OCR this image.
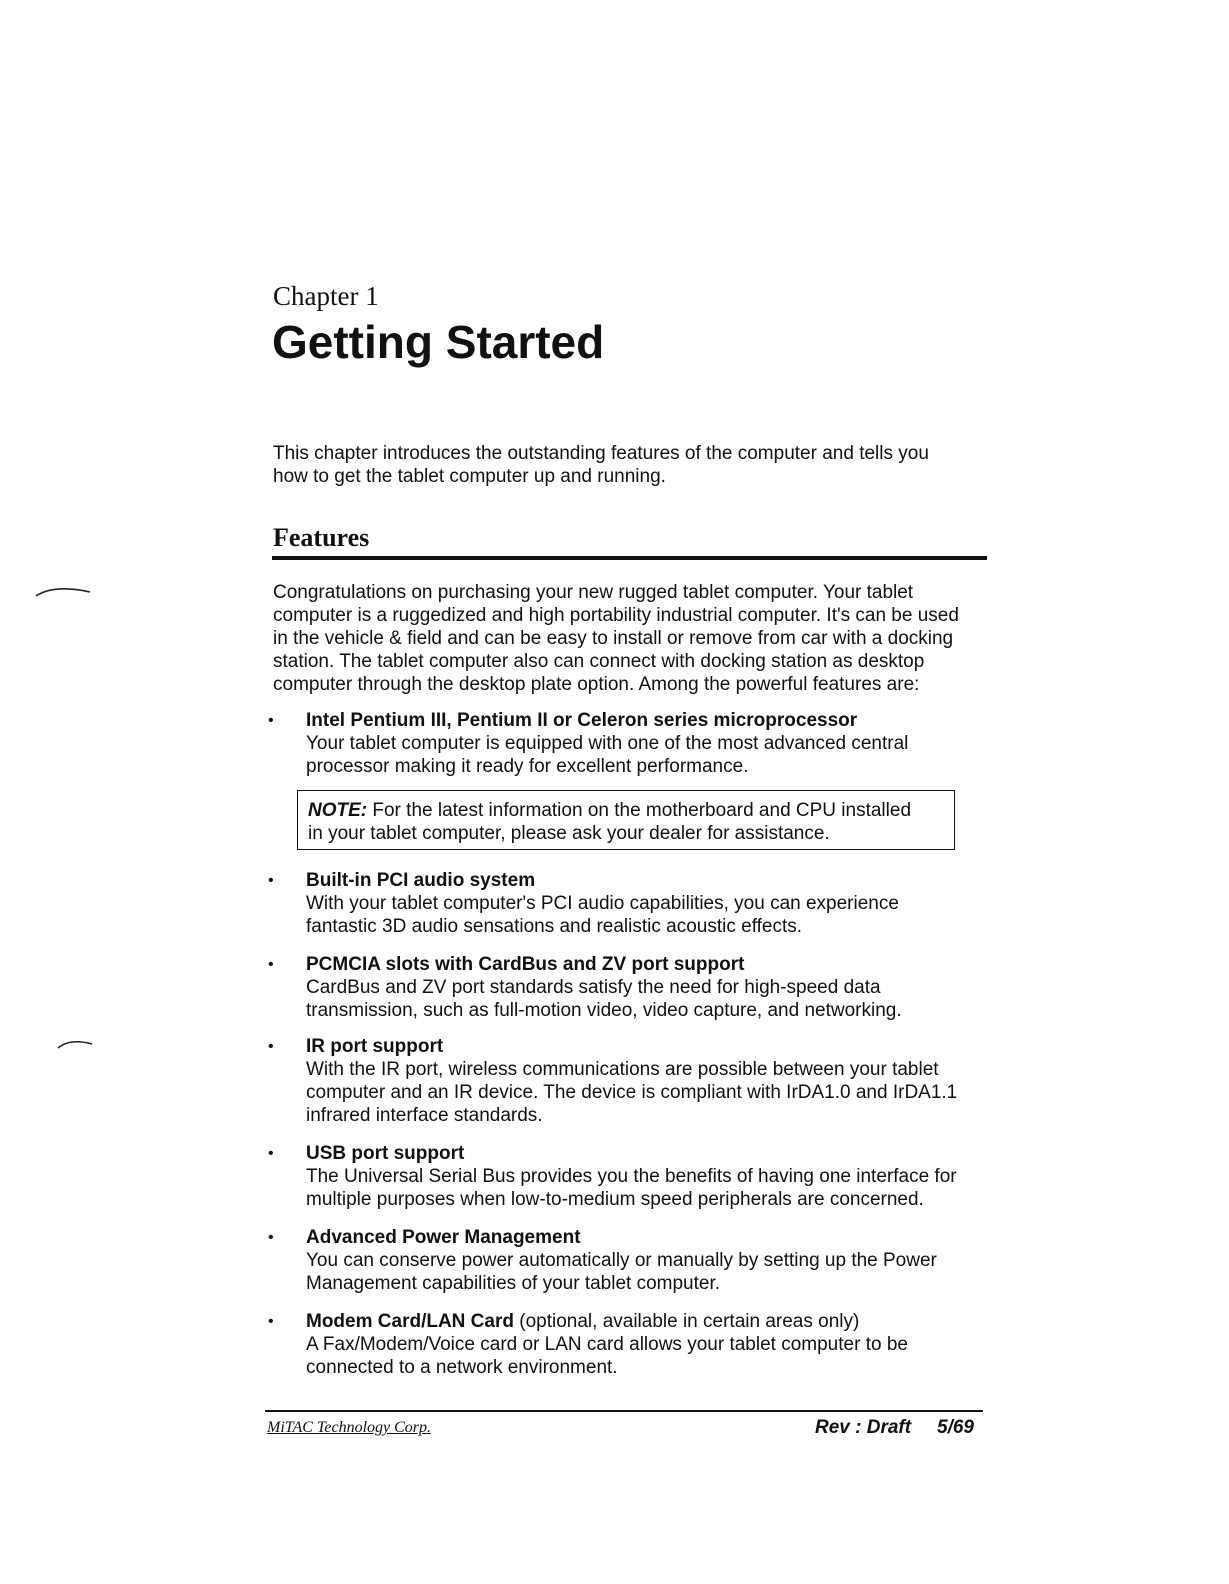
Chapter 1
Getting Started
This chapter introduces the outstanding features of the computer and tells you
how to get the tablet computer up and running.
Features
Congratulations on purchasing your new rugged tablet computer. Your tablet
computer is a ruggedized and high portability industrial computer. It's can be used
in the vehicle & field and can be easy to install or remove from car with a docking
station. The tablet computer also can connect with docking station as desktop
computer through the desktop plate option. Among the powerful features are:
•	Intel Pentium III, Pentium II or Celeron series microprocessor
Your tablet computer is equipped with one of the most advanced central
processor making it ready for excellent performance.
NOTE: For the latest information on the motherboard and CPU installed
in your tablet computer, please ask your dealer for assistance.
•	Built-in PCI audio system
With your tablet computer's PCI audio capabilities, you can experience
fantastic 3D audio sensations and realistic acoustic effects.
•	PCMCIA slots with CardBus and ZV port support
CardBus and ZV port standards satisfy the need for high-speed data
transmission, such as full-motion video, video capture, and networking.
•	IR port support
With the IR port, wireless communications are possible between your tablet
computer and an IR device. The device is compliant with IrDA1.0 and IrDA1.1
infrared interface standards.
•	USB port support
The Universal Serial Bus provides you the benefits of having one interface for
multiple purposes when low-to-medium speed peripherals are concerned.
•	Advanced Power Management
You can conserve power automatically or manually by setting up the Power
Management capabilities of your tablet computer.
•	Modem Card/LAN Card (optional, available in certain areas only)
A Fax/Modem/Voice card or LAN card allows your tablet computer to be
connected to a network environment.
MiTAC Technology Corp.	Rev : Draft 5/69
